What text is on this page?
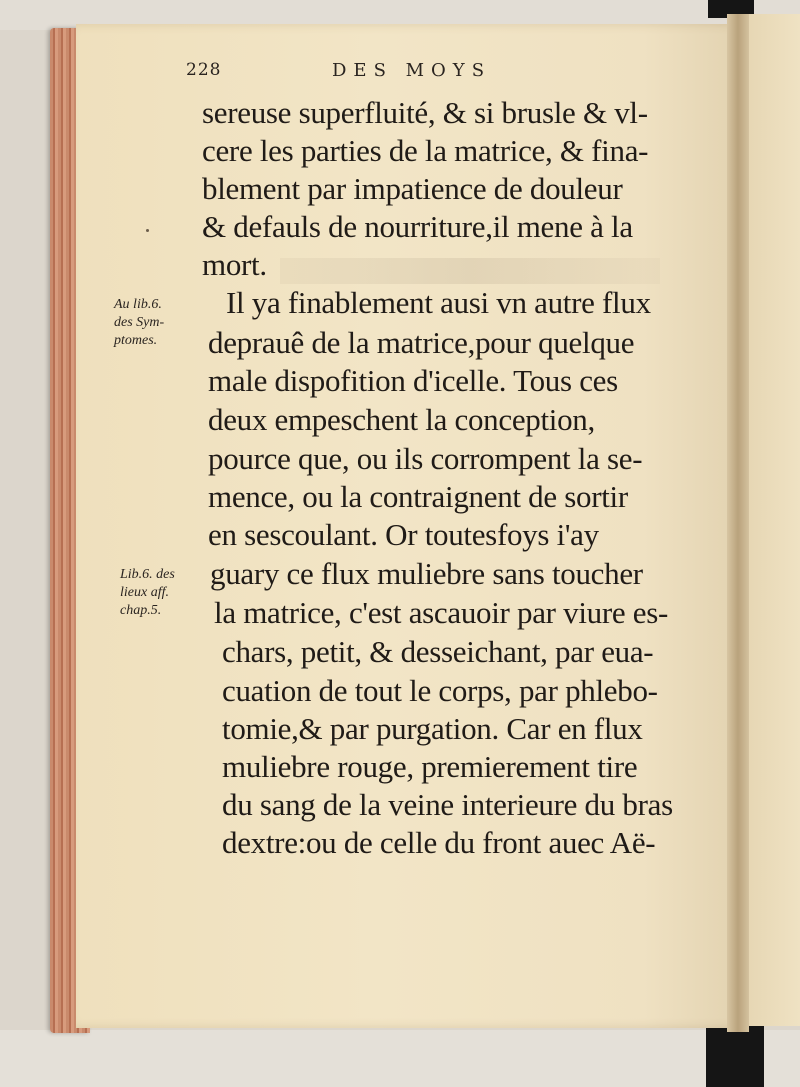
228	DES MOYS
sereuse superfluité, & si brusle & vl-
cere les parties de la matrice, & fina-
blement par impatience de douleur
& defauls de nourriture,il mene à la
mort.
Il ya finablement ausi vn autre flux
deprauê de la matrice,pour quelque
male dispofition d'icelle. Tous ces
deux empeschent la conception,
pource que, ou ils corrompent la se-
mence, ou la contraignent de sortir
en sescoulant. Or toutesfoys i'ay
guary ce flux muliebre sans toucher
la matrice, c'est ascauoir par viure es-
chars, petit, & desseichant, par eua-
cuation de tout le corps, par phlebo-
tomie,& par purgation. Car en flux
muliebre rouge, premierement tire
du sang de la veine interieure du bras
dextre:ou de celle du front auec Aë-
Au lib.6.
des Sym-
ptomes.
Lib.6. des
lieux aff.
chap.5.
